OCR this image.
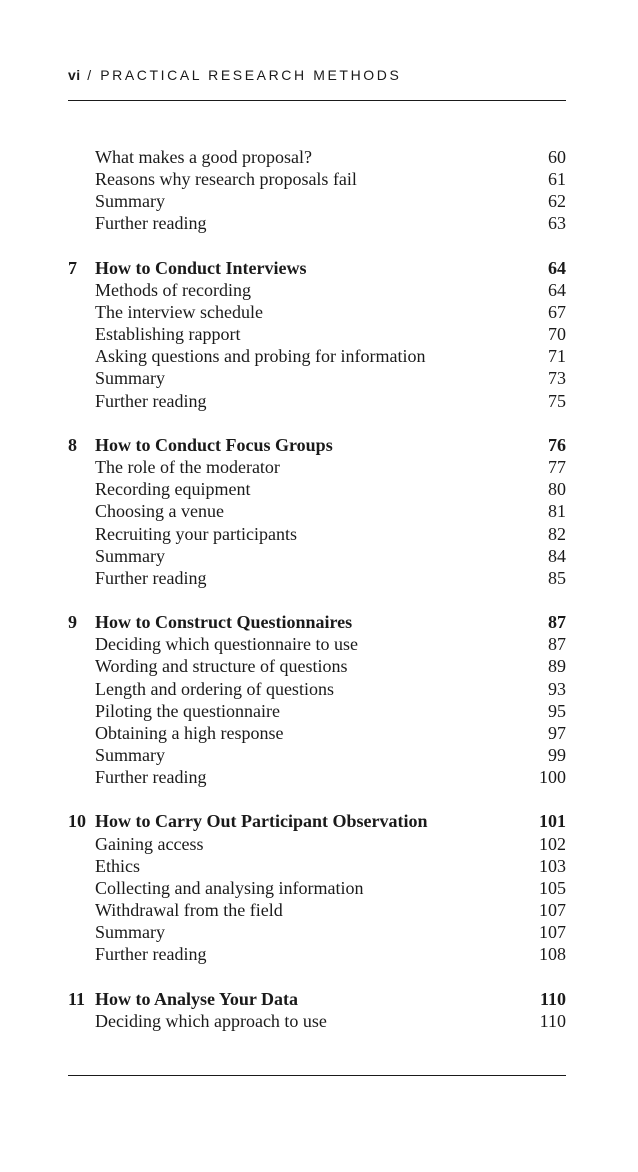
vi / PRACTICAL RESEARCH METHODS
What makes a good proposal?	60
Reasons why research proposals fail	61
Summary	62
Further reading	63
7 How to Conduct Interviews	64
Methods of recording	64
The interview schedule	67
Establishing rapport	70
Asking questions and probing for information	71
Summary	73
Further reading	75
8 How to Conduct Focus Groups	76
The role of the moderator	77
Recording equipment	80
Choosing a venue	81
Recruiting your participants	82
Summary	84
Further reading	85
9 How to Construct Questionnaires	87
Deciding which questionnaire to use	87
Wording and structure of questions	89
Length and ordering of questions	93
Piloting the questionnaire	95
Obtaining a high response	97
Summary	99
Further reading	100
10 How to Carry Out Participant Observation	101
Gaining access	102
Ethics	103
Collecting and analysing information	105
Withdrawal from the field	107
Summary	107
Further reading	108
11 How to Analyse Your Data	110
Deciding which approach to use	110
